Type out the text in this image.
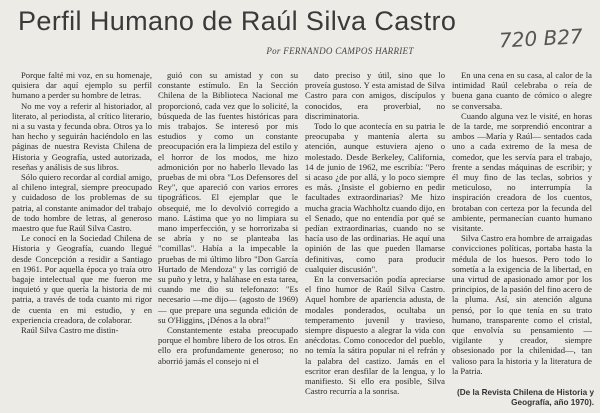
Perfil Humano de Raúl Silva Castro
720 B27
Por FERNANDO CAMPOS HARRIET

Porque falté mi voz, en su homenaje, quisiera dar aquí ejemplo su perfil humano a perder su hombre de letras.

No me voy a referir al historiador, al literato, al periodista, al crítico literario, ni a su vasta y fecunda obra. Otros ya lo han hecho y seguirán haciéndolo en las páginas de nuestra Revista Chilena de Historia y Geografía, usted autorizada, reseñas y análisis de sus libros.

Sólo quiero recordar al cordial amigo, al chileno integral, siempre preocupado y cuidadoso de los problemas de su patria, al constante animador del trabajo de todo hombre de letras, al generoso maestro que fue Raúl Silva Castro.

Le conocí en la Sociedad Chilena de Historia y Geografía, cuando llegué desde Concepción a residir a Santiago en 1961. Por aquella época yo traía otro bagaje intelectual que me fueron me inquietó y que quería la historia de mi patria, a través de toda cuanto mi rigor de cuenta en mi estudio, y en experiencia creadora, de colaborar.

Raúl Silva Castro me distin-

guió con su amistad y con su constante estímulo. En la Sección Chilena de la Biblioteca Nacional me proporcionó, cada vez que lo solicité, la búsqueda de las fuentes históricas para mis trabajos. Se interesó por mis estudios y como un constante preocupación era la limpieza del estilo y el horror de los modos, me hizo admonición por no haberlo llevado las pruebas de mi obra "Los Defensores del Rey", que apareció con varios errores tipográficos. El ejemplar que le obsequié, me lo devolvió corregido a mano. Lástima que yo no limpiara su mano imperfección, y se horrorizaba si se abría y no se planteaba las "comillas". Había a la impecable la pruebas de mi último libro "Don García Hurtado de Mendoza" y las corrigió de su puño y letra, y haláhase en esta tarea, cuando me dio su telefonazo: "Es necesario —me dijo— (agosto de 1969)— que prepare una segunda edición de su O'Higgins, ¡Dénos a la obra!"

Constantemente estaba preocupado porque el hombre libero de los otros. En ello era profundamente generoso; no aborrió jamás el consejo ni el

dato preciso y útil, sino que lo proveía gustoso. Y esta amistad de Silva Castro para con amigos, discípulos y conocidos, era proverbial, no discriminatoria.

Todo lo que acontecía en su patria le preocupaba y mantenía alerta su atención, aunque estuviera ajeno o molestado. Desde Berkeley, California, 14 de junio de 1962, me escribía: "Pero si acaso ¿de por allá, y lo poco siempre es más. ¿Insiste el gobierno en pedir facultades extraordinarias? Me hizo mucha gracia Wachholtz cuando dijo, en el Senado, que no entendía por qué se pedían extraordinarias, cuando no se hacía uso de las ordinarias. He aquí una opinión de las que pueden llamarse definitivas, como para producir cualquier discusión".

En la conversación podía apreciarse el fino humor de Raúl Silva Castro. Aquel hombre de apariencia adusta, de modales ponderados, ocultaba un temperamento juvenil y travieso, siempre dispuesto a alegrar la vida con anécdotas. Como conocedor del pueblo, no temía la sátira popular ni el refrán y la palabra del castizo. Jamás en el escritor eran desfilar de la lengua, y lo manifiesto. Si ello era posible, Silva Castro recurría a la sonrisa.

En una cena en su casa, al calor de la intimidad Raúl celebraba o reía de buena gana cuanto de cómico o alegre se conversaba.

Cuando alguna vez le visité, en horas de la tarde, me sorprendió encontrar a ambos —María y Raúl— sentados cada uno a cada extremo de la mesa de comedor, que les servía para el trabajo, frente a sendas máquinas de escribir; y él muy fino de las teclas, sobrios y meticuloso, no interrumpía la inspiración creadora de los cuentos, brotaban con certeza por la fecunda del ambiente, permanecían cuanto humano visitante.

Silva Castro era hombre de arraigadas convicciones políticas, portaba hasta la médula de los huesos. Pero todo lo sometía a la exigencia de la libertad, en una virtud de apasionado amor por los principios, de la pasión del fino acero de la pluma. Así, sin atención alguna pensó, por lo que tenía en su trato humano, transparente como el cristal, que envolvía su pensamiento —vigilante y creador, siempre obsesionado por la chilenidad—, tan valioso para la historia y la literatura de la Patria.

(De la Revista Chilena de Historia y Geografía, año 1970).
